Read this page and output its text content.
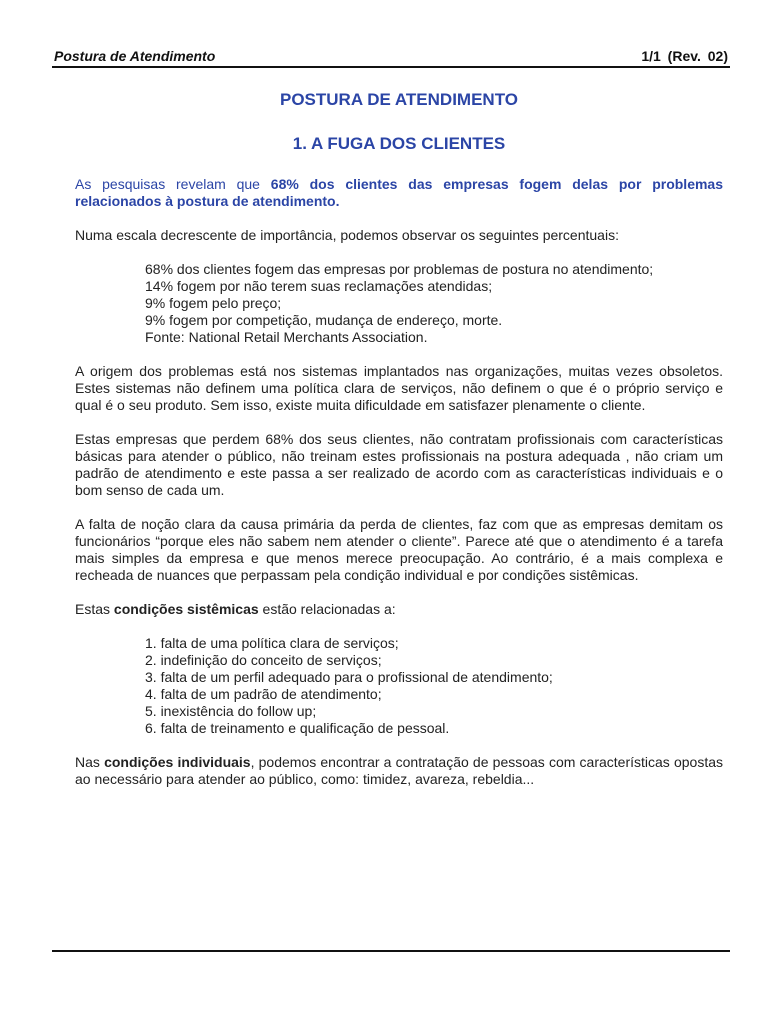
Postura de Atendimento	1/1 (Rev. 02)
POSTURA DE ATENDIMENTO
1. A FUGA DOS CLIENTES

As pesquisas revelam que 68% dos clientes das empresas fogem delas por problemas relacionados à postura de atendimento.

Numa escala decrescente de importância, podemos observar os seguintes percentuais:

68% dos clientes fogem das empresas por problemas de postura no atendimento;
14% fogem por não terem suas reclamações atendidas;
9% fogem pelo preço;
9% fogem por competição, mudança de endereço, morte.
Fonte: National Retail Merchants Association.

A origem dos problemas está nos sistemas implantados nas organizações, muitas vezes obsoletos. Estes sistemas não definem uma política clara de serviços, não definem o que é o próprio serviço e qual é o seu produto. Sem isso, existe muita dificuldade em satisfazer plenamente o cliente.

Estas empresas que perdem 68% dos seus clientes, não contratam profissionais com características básicas para atender o público, não treinam estes profissionais na postura adequada , não criam um padrão de atendimento e este passa a ser realizado de acordo com as características individuais e o bom senso de cada um.

A falta de noção clara da causa primária da perda de clientes, faz com que as empresas demitam os funcionários “porque eles não sabem nem atender o cliente”. Parece até que o atendimento é a tarefa mais simples da empresa e que menos merece preocupação. Ao contrário, é a mais complexa e recheada de nuances que perpassam pela condição individual e por condições sistêmicas.

Estas condições sistêmicas estão relacionadas a:

1. falta de uma política clara de serviços;
2. indefinição do conceito de serviços;
3. falta de um perfil adequado para o profissional de atendimento;
4. falta de um padrão de atendimento;
5. inexistência do follow up;
6. falta de treinamento e qualificação de pessoal.

Nas condições individuais, podemos encontrar a contratação de pessoas com características opostas ao necessário para atender ao público, como: timidez, avareza, rebeldia...
